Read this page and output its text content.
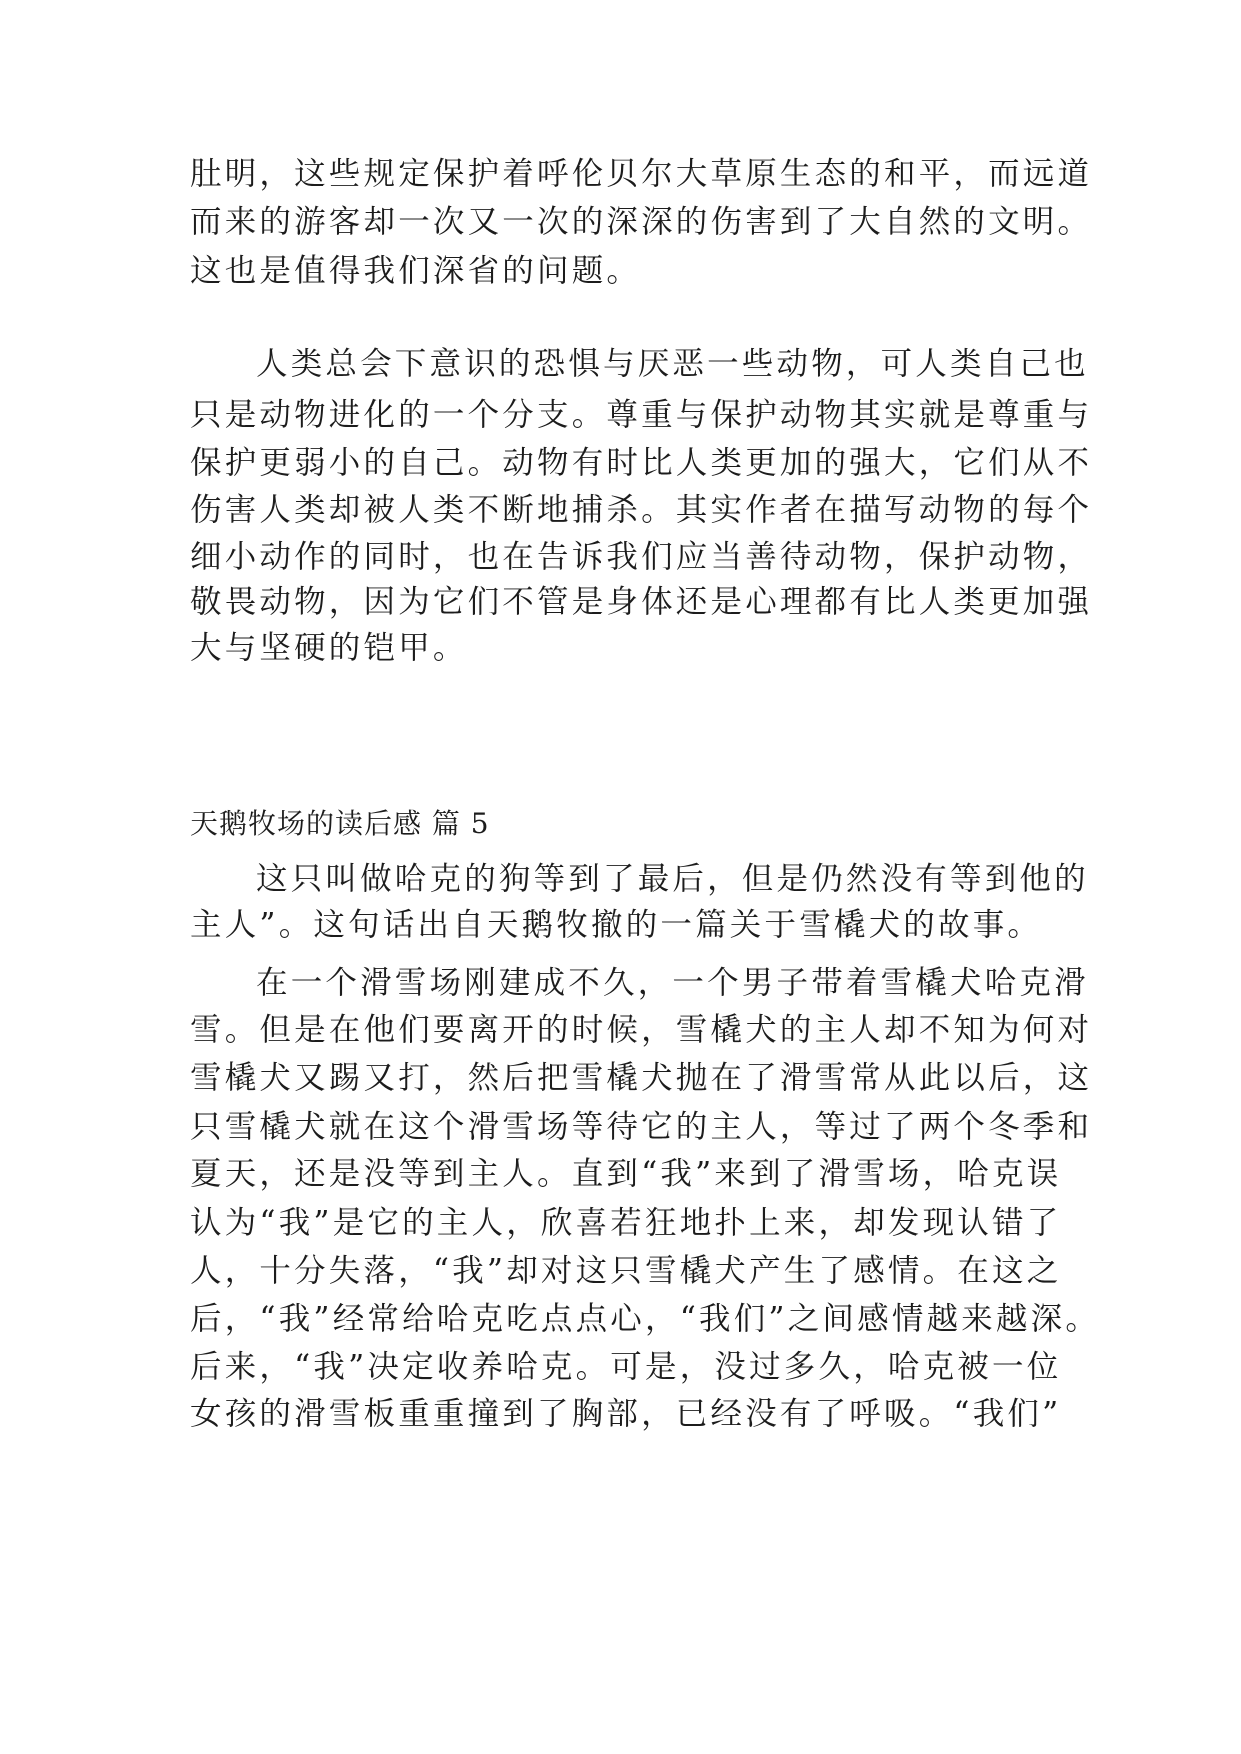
肚明，这些规定保护着呼伦贝尔大草原生态的和平，而远道

而来的游客却一次又一次的深深的伤害到了大自然的文明。

这也是值得我们深省的问题。

人类总会下意识的恐惧与厌恶一些动物，可人类自己也

只是动物进化的一个分支。尊重与保护动物其实就是尊重与

保护更弱小的自己。动物有时比人类更加的强大，它们从不

伤害人类却被人类不断地捕杀。其实作者在描写动物的每个

细小动作的同时，也在告诉我们应当善待动物，保护动物，

敬畏动物，因为它们不管是身体还是心理都有比人类更加强

大与坚硬的铠甲。

天鹅牧场的读后感 篇 5

这只叫做哈克的狗等到了最后，但是仍然没有等到他的

主人”。这句话出自天鹅牧撤的一篇关于雪橇犬的故事。

在一个滑雪场刚建成不久，一个男子带着雪橇犬哈克滑

雪。但是在他们要离开的时候，雪橇犬的主人却不知为何对

雪橇犬又踢又打，然后把雪橇犬抛在了滑雪常从此以后，这

只雪橇犬就在这个滑雪场等待它的主人，等过了两个冬季和

夏天，还是没等到主人。直到“我”来到了滑雪场，哈克误

认为“我”是它的主人，欣喜若狂地扑上来，却发现认错了

人，十分失落，“我”却对这只雪橇犬产生了感情。在这之

后，“我”经常给哈克吃点点心，“我们”之间感情越来越深。

后来，“我”决定收养哈克。可是，没过多久，哈克被一位

女孩的滑雪板重重撞到了胸部，已经没有了呼吸。“我们”
